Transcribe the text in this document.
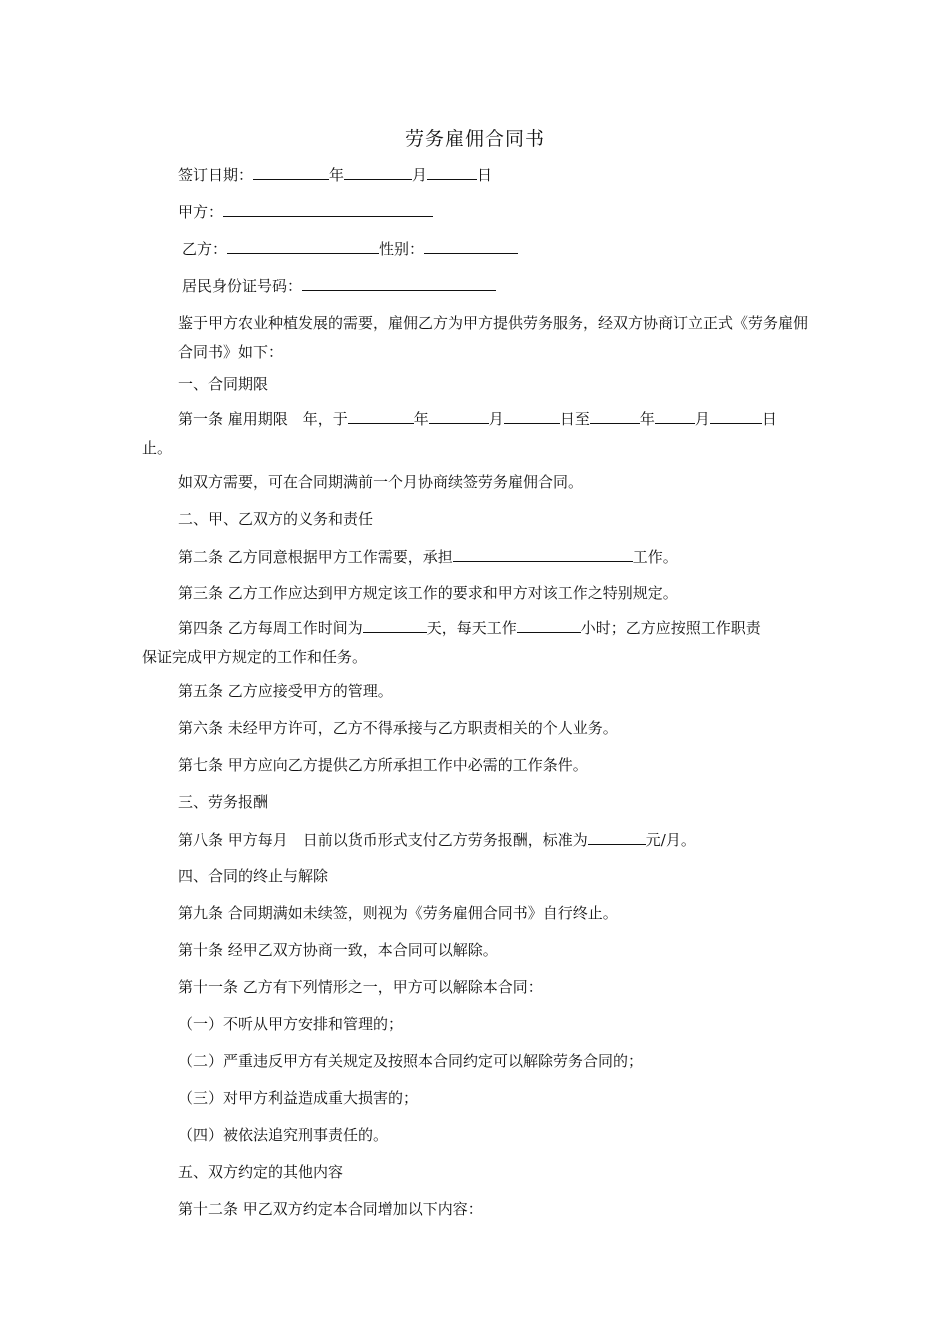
劳务雇佣合同书
签订日期：	年	月	日
甲方：
乙方：	性别：
居民身份证号码：
鉴于甲方农业种植发展的需要，雇佣乙方为甲方提供劳务服务，经双方协商订立正式《劳务雇佣合同书》如下：
一、合同期限
第一条 雇用期限　年，于	年	月	日至	年	月	日
止。
如双方需要，可在合同期满前一个月协商续签劳务雇佣合同。
二、甲、乙双方的义务和责任
第二条 乙方同意根据甲方工作需要，承担	工作。
第三条 乙方工作应达到甲方规定该工作的要求和甲方对该工作之特别规定。
第四条 乙方每周工作时间为	天，每天工作	小时；乙方应按照工作职责
保证完成甲方规定的工作和任务。
第五条 乙方应接受甲方的管理。
第六条 未经甲方许可，乙方不得承接与乙方职责相关的个人业务。
第七条 甲方应向乙方提供乙方所承担工作中必需的工作条件。
三、劳务报酬
第八条 甲方每月　日前以货币形式支付乙方劳务报酬，标准为	元/月。
四、合同的终止与解除
第九条 合同期满如未续签，则视为《劳务雇佣合同书》自行终止。
第十条 经甲乙双方协商一致，本合同可以解除。
第十一条 乙方有下列情形之一，甲方可以解除本合同：
（一）不听从甲方安排和管理的；
（二）严重违反甲方有关规定及按照本合同约定可以解除劳务合同的；
（三）对甲方利益造成重大损害的；
（四）被依法追究刑事责任的。
五、双方约定的其他内容
第十二条 甲乙双方约定本合同增加以下内容：
